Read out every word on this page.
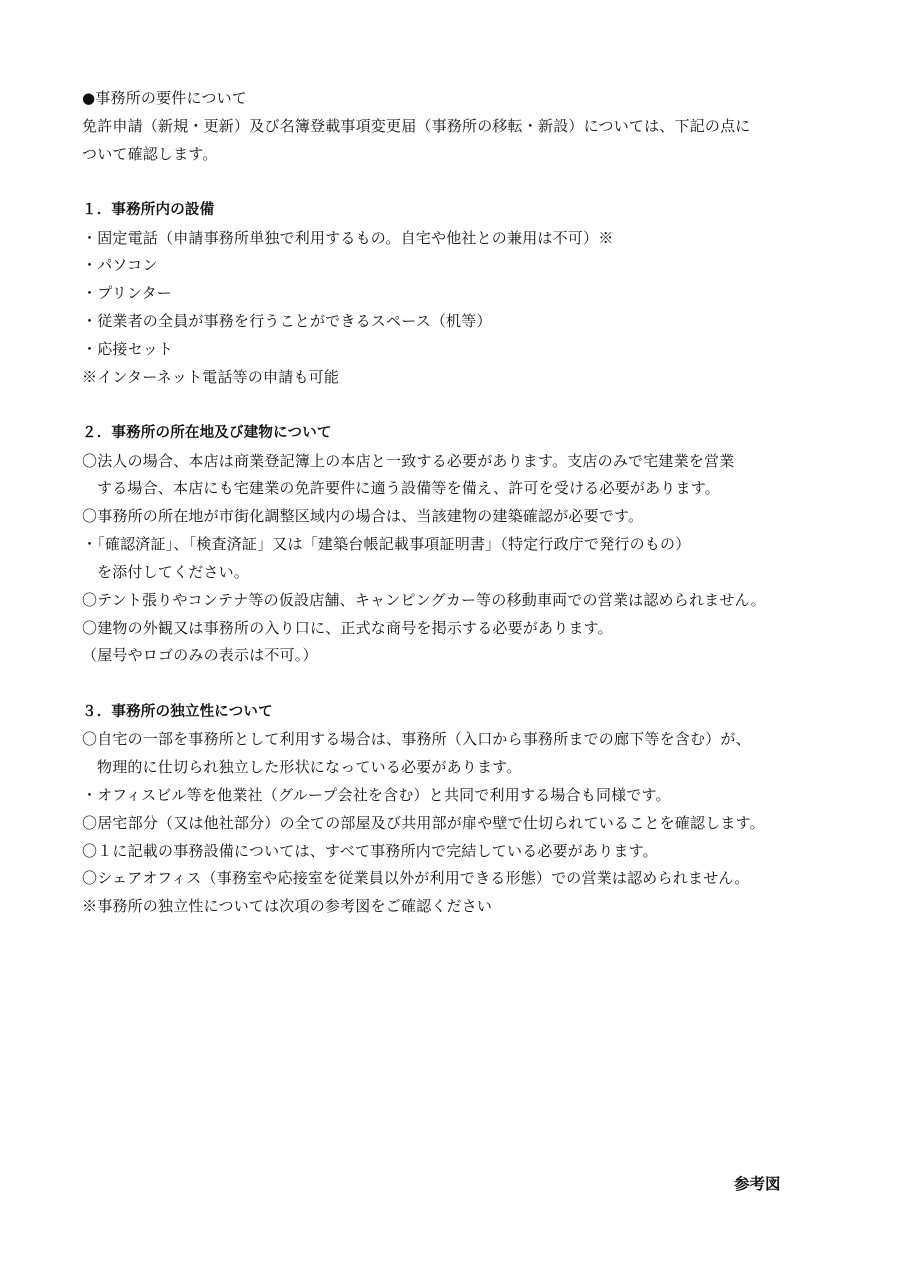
●事務所の要件について
免許申請（新規・更新）及び名簿登載事項変更届（事務所の移転・新設）については、下記の点に
ついて確認します。
１．事務所内の設備
・固定電話（申請事務所単独で利用するもの。自宅や他社との兼用は不可）※
・パソコン
・プリンター
・従業者の全員が事務を行うことができるスペース（机等）
・応接セット
※インターネット電話等の申請も可能
２．事務所の所在地及び建物について
〇法人の場合、本店は商業登記簿上の本店と一致する必要があります。支店のみで宅建業を営業
する場合、本店にも宅建業の免許要件に適う設備等を備え、許可を受ける必要があります。
〇事務所の所在地が市街化調整区域内の場合は、当該建物の建築確認が必要です。
・「確認済証」、「検査済証」又は「建築台帳記載事項証明書」（特定行政庁で発行のもの）
を添付してください。
〇テント張りやコンテナ等の仮設店舗、キャンピングカー等の移動車両での営業は認められません。
〇建物の外観又は事務所の入り口に、正式な商号を掲示する必要があります。
（屋号やロゴのみの表示は不可。）
３．事務所の独立性について
〇自宅の一部を事務所として利用する場合は、事務所（入口から事務所までの廊下等を含む）が、
物理的に仕切られ独立した形状になっている必要があります。
・オフィスビル等を他業社（グループ会社を含む）と共同で利用する場合も同様です。
〇居宅部分（又は他社部分）の全ての部屋及び共用部が扉や壁で仕切られていることを確認します。
〇１に記載の事務設備については、すべて事務所内で完結している必要があります。
〇シェアオフィス（事務室や応接室を従業員以外が利用できる形態）での営業は認められません。
※事務所の独立性については次項の参考図をご確認ください
参考図
